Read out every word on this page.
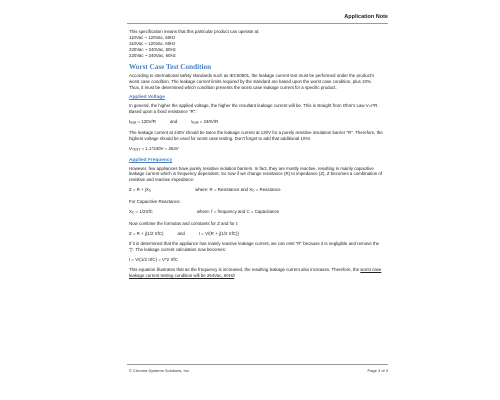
Application Note

This specification means that this particular product can operate at:

110Vac ~ 120Vac, 50Hz
110Vac ~ 120Vac, 60Hz
220Vac ~ 240Vac, 50Hz
220Vac ~ 240Vac, 60Hz
Worst Case Test Condition

According to international safety standards such as IEC60601, the leakage current test must be performed under the product's worst case condition. The leakage current limits required by the standard are based upon the worst case condition, plus 10%. Thus, it must be determined which condition presents the worst case leakage current for a specific product.

Applied Voltage

In general, the higher the applied voltage, the higher the resultant leakage current will be. This is straight from Ohm's Law V=I*R. Based upon a fixed resistance "R":

Ileak = 120V/R	and	Ileak = 240V/R

The leakage current at 240V should be twice the leakage current at 120V for a purely resistive insulation barrier "R". Therefore, the highest voltage should be used for worst case testing. Don't forget to add that additional 10%!

VTEST = 1.1*240V = 264V

Applied Frequency

However, few appliances have purely resistive isolation barriers. In fact, they are mostly reactive, resulting in mainly capacitive leakage current which is frequency dependent. So now if we change resistance (R) to impedance (Z), Z becomes a combination of resistive and reactive impedance:

Z = R + jXC	where: R = Resistance and XC = Reactance

For Capacitive Reactance:

XC = 1/2πfC	where: f = frequency and C = Capacitance

Now combine the formulas and constants for Z and for I:

Z = R + j(1/2 πfC)	and	I = V/(R + j(1/2 πfC))

If it is determined that the appliance has mainly reactive leakage current, we can omit "R" because it is negligible and remove the "j". The leakage current calculation now becomes:

I = V/(1/2 πfC) = V*2 πfC

This equation illustrates that as the frequency is increased, the resulting leakage current also increases. Therefore, the worst case leakage current testing condition will be 264Vac, 60Hz!

© Chroma Systems Solutions, Inc.	Page 3 of 3
